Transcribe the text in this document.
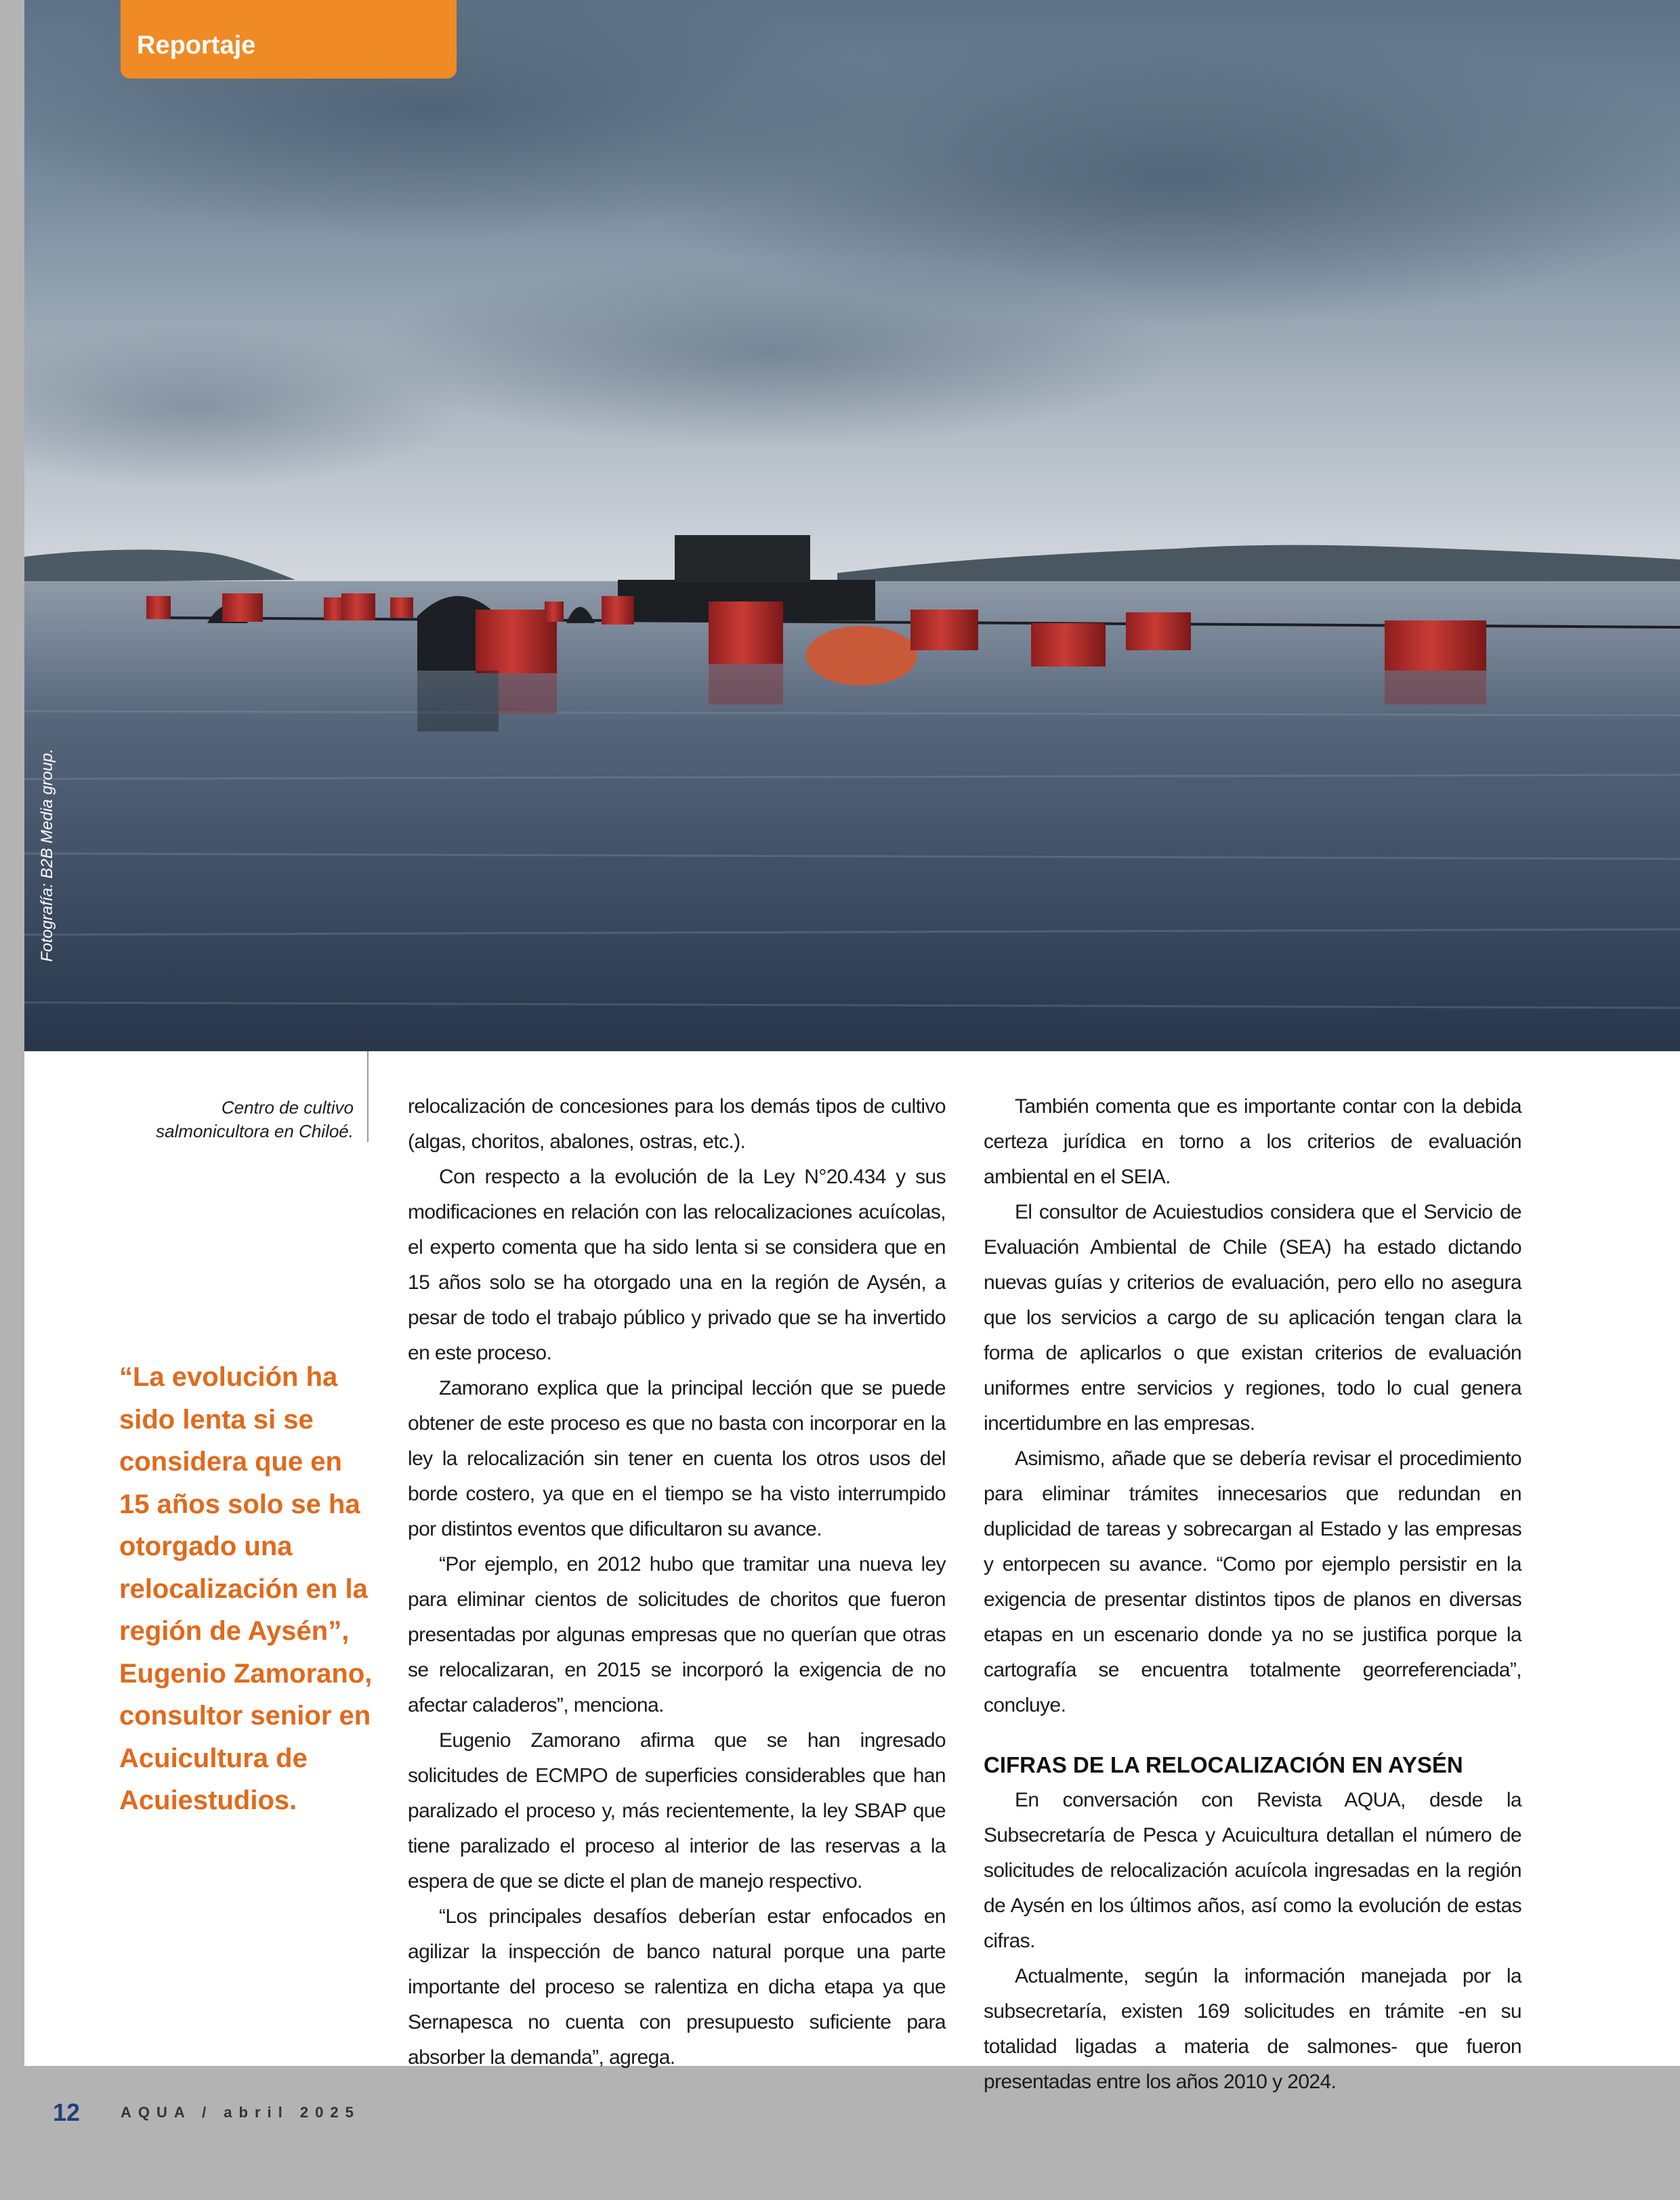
Reportaje
Fotografía: B2B Media group.
Centro de cultivo
salmonicultora en Chiloé.
“La evolución ha sido lenta si se considera que en 15 años solo se ha otorgado una relocalización en la región de Aysén”, Eugenio Zamorano, consultor senior en Acuicultura de Acuiestudios.

relocalización de concesiones para los demás tipos de cultivo (algas, choritos, abalones, ostras, etc.).

Con respecto a la evolución de la Ley N°20.434 y sus modificaciones en relación con las relocalizaciones acuícolas, el experto comenta que ha sido lenta si se considera que en 15 años solo se ha otorgado una en la región de Aysén, a pesar de todo el trabajo público y privado que se ha invertido en este proceso.

Zamorano explica que la principal lección que se puede obtener de este proceso es que no basta con incorporar en la ley la relocalización sin tener en cuenta los otros usos del borde costero, ya que en el tiempo se ha visto interrumpido por distintos eventos que dificultaron su avance.

“Por ejemplo, en 2012 hubo que tramitar una nueva ley para eliminar cientos de solicitudes de choritos que fueron presentadas por algunas empresas que no querían que otras se relocalizaran, en 2015 se incorporó la exigencia de no afectar caladeros”, menciona.

Eugenio Zamorano afirma que se han ingresado solicitudes de ECMPO de superficies considerables que han paralizado el proceso y, más recientemente, la ley SBAP que tiene paralizado el proceso al interior de las reservas a la espera de que se dicte el plan de manejo respectivo.

“Los principales desafíos deberían estar enfocados en agilizar la inspección de banco natural porque una parte importante del proceso se ralentiza en dicha etapa ya que Sernapesca no cuenta con presupuesto suficiente para absorber la demanda”, agrega.

También comenta que es importante contar con la debida certeza jurídica en torno a los criterios de evaluación ambiental en el SEIA.

El consultor de Acuiestudios considera que el Servicio de Evaluación Ambiental de Chile (SEA) ha estado dictando nuevas guías y criterios de evaluación, pero ello no asegura que los servicios a cargo de su aplicación tengan clara la forma de aplicarlos o que existan criterios de evaluación uniformes entre servicios y regiones, todo lo cual genera incertidumbre en las empresas.

Asimismo, añade que se debería revisar el procedimiento para eliminar trámites innecesarios que redundan en duplicidad de tareas y sobrecargan al Estado y las empresas y entorpecen su avance. “Como por ejemplo persistir en la exigencia de presentar distintos tipos de planos en diversas etapas en un escenario donde ya no se justifica porque la cartografía se encuentra totalmente georreferenciada”, concluye.

CIFRAS DE LA RELOCALIZACIÓN EN AYSÉN

En conversación con Revista AQUA, desde la Subsecretaría de Pesca y Acuicultura detallan el número de solicitudes de relocalización acuícola ingresadas en la región de Aysén en los últimos años, así como la evolución de estas cifras.

Actualmente, según la información manejada por la subsecretaría, existen 169 solicitudes en trámite -en su totalidad ligadas a materia de salmones- que fueron presentadas entre los años 2010 y 2024.

12	AQUA / abril 2025
